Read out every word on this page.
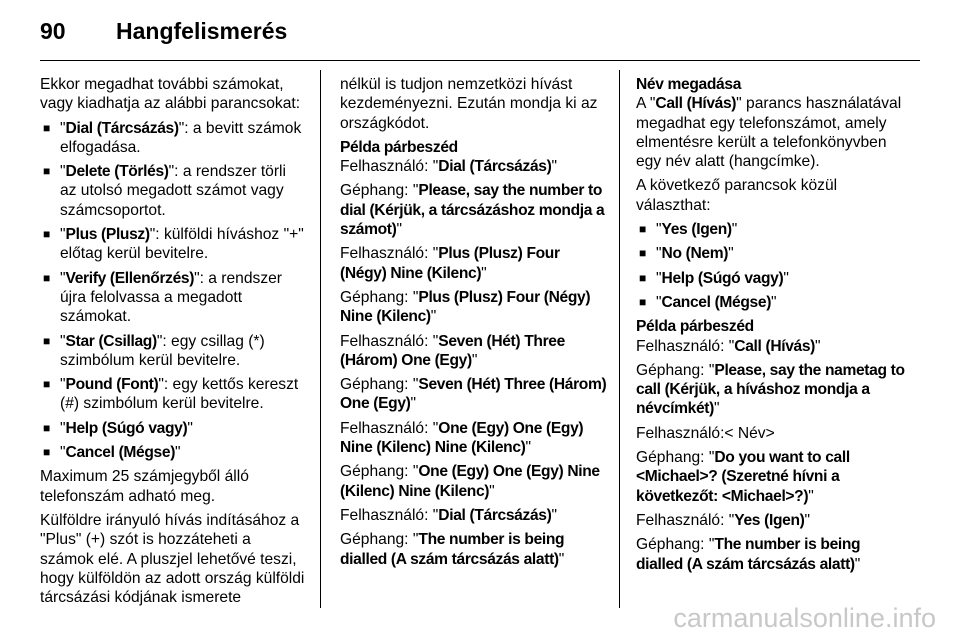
90 Hangfelismerés

Ekkor megadhat további számokat, vagy kiadhatja az alábbi parancsokat:

■ "Dial (Tárcsázás)": a bevitt számok elfogadása.
■ "Delete (Törlés)": a rendszer törli az utolsó megadott számot vagy számcsoportot.
■ "Plus (Plusz)": külföldi híváshoz "+" előtag kerül bevitelre.
■ "Verify (Ellenőrzés)": a rendszer újra felolvassa a megadott számokat.
■ "Star (Csillag)": egy csillag (*) szimbólum kerül bevitelre.
■ "Pound (Font)": egy kettős kereszt (#) szimbólum kerül bevitelre.
■ "Help (Súgó vagy)"
■ "Cancel (Mégse)"

Maximum 25 számjegyből álló telefonszám adható meg.

Külföldre irányuló hívás indításához a "Plus" (+) szót is hozzáteheti a számok elé. A pluszjel lehetővé teszi, hogy külföldön az adott ország külföldi tárcsázási kódjának ismerete

nélkül is tudjon nemzetközi hívást kezdeményezni. Ezután mondja ki az országkódot.

Példa párbeszéd

Felhasználó: "Dial (Tárcsázás)"

Géphang: "Please, say the number to dial (Kérjük, a tárcsázáshoz mondja a számot)"

Felhasználó: "Plus (Plusz) Four (Négy) Nine (Kilenc)"

Géphang: "Plus (Plusz) Four (Négy) Nine (Kilenc)"

Felhasználó: "Seven (Hét) Three (Három) One (Egy)"

Géphang: "Seven (Hét) Three (Három) One (Egy)"

Felhasználó: "One (Egy) One (Egy) Nine (Kilenc) Nine (Kilenc)"

Géphang: "One (Egy) One (Egy) Nine (Kilenc) Nine (Kilenc)"

Felhasználó: "Dial (Tárcsázás)"

Géphang: "The number is being dialled (A szám tárcsázás alatt)"

Név megadása

A "Call (Hívás)" parancs használatával megadhat egy telefonszámot, amely elmentésre került a telefonkönyvben egy név alatt (hangcímke).

A következő parancsok közül választhat:

■ "Yes (Igen)"
■ "No (Nem)"
■ "Help (Súgó vagy)"
■ "Cancel (Mégse)"
Példa párbeszéd

Felhasználó: "Call (Hívás)"

Géphang: "Please, say the nametag to call (Kérjük, a híváshoz mondja a névcímkét)"

Felhasználó:< Név>

Géphang: "Do you want to call <Michael>? (Szeretné hívni a következőt: <Michael>?)"

Felhasználó: "Yes (Igen)"

Géphang: "The number is being dialled (A szám tárcsázás alatt)"

carmanualsonline.info
